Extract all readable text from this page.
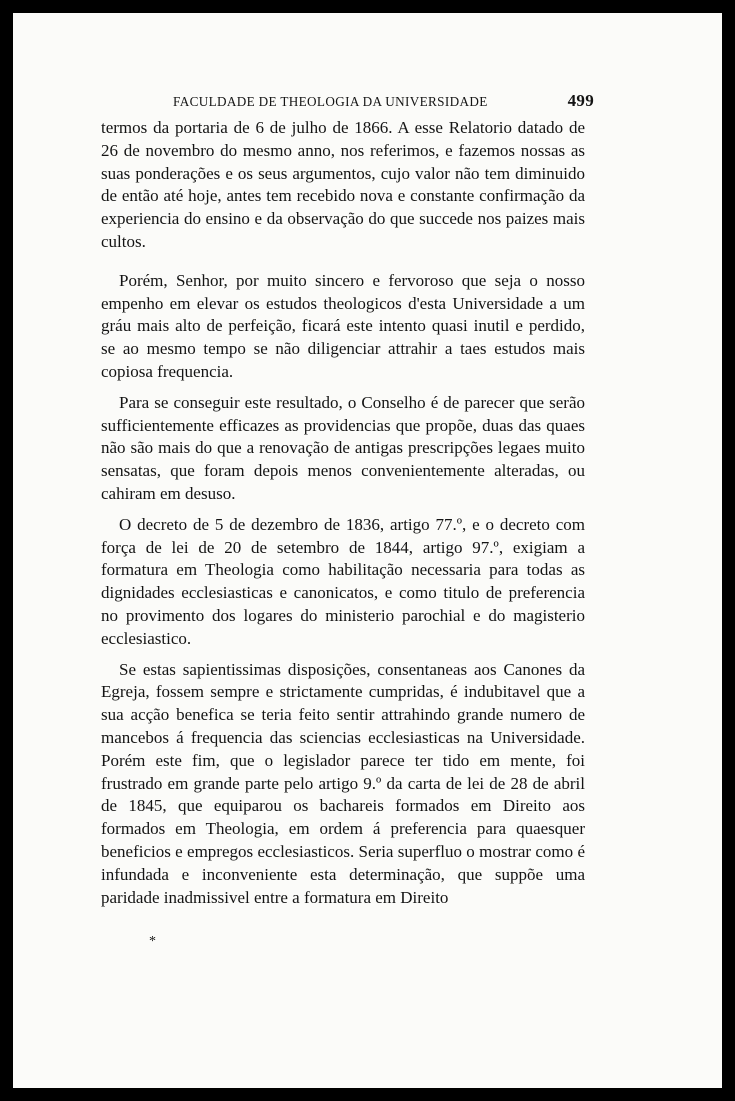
FACULDADE DE THEOLOGIA DA UNIVERSIDADE	499

termos da portaria de 6 de julho de 1866. A esse Relatorio datado de 26 de novembro do mesmo anno, nos referimos, e fazemos nossas as suas ponderações e os seus argumentos, cujo valor não tem diminuido de então até hoje, antes tem recebido nova e constante confirmação da experiencia do ensino e da observação do que succede nos paizes mais cultos.

Porém, Senhor, por muito sincero e fervoroso que seja o nosso empenho em elevar os estudos theologicos d'esta Universidade a um gráu mais alto de perfeição, ficará este intento quasi inutil e perdido, se ao mesmo tempo se não diligenciar attrahir a taes estudos mais copiosa frequencia.

Para se conseguir este resultado, o Conselho é de parecer que serão sufficientemente efficazes as providencias que propõe, duas das quaes não são mais do que a renovação de antigas prescripções legaes muito sensatas, que foram depois menos convenientemente alteradas, ou cahiram em desuso.

O decreto de 5 de dezembro de 1836, artigo 77.º, e o decreto com força de lei de 20 de setembro de 1844, artigo 97.º, exigiam a formatura em Theologia como habilitação necessaria para todas as dignidades ecclesiasticas e canonicatos, e como titulo de preferencia no provimento dos logares do ministerio parochial e do magisterio ecclesiastico.

Se estas sapientissimas disposições, consentaneas aos Canones da Egreja, fossem sempre e strictamente cumpridas, é indubitavel que a sua acção benefica se teria feito sentir attrahindo grande numero de mancebos á frequencia das sciencias ecclesiasticas na Universidade. Porém este fim, que o legislador parece ter tido em mente, foi frustrado em grande parte pelo artigo 9.º da carta de lei de 28 de abril de 1845, que equiparou os bachareis formados em Direito aos formados em Theologia, em ordem á preferencia para quaesquer beneficios e empregos ecclesiasticos. Seria superfluo o mostrar como é infundada e inconveniente esta determinação, que suppõe uma paridade inadmissivel entre a formatura em Direito

*
